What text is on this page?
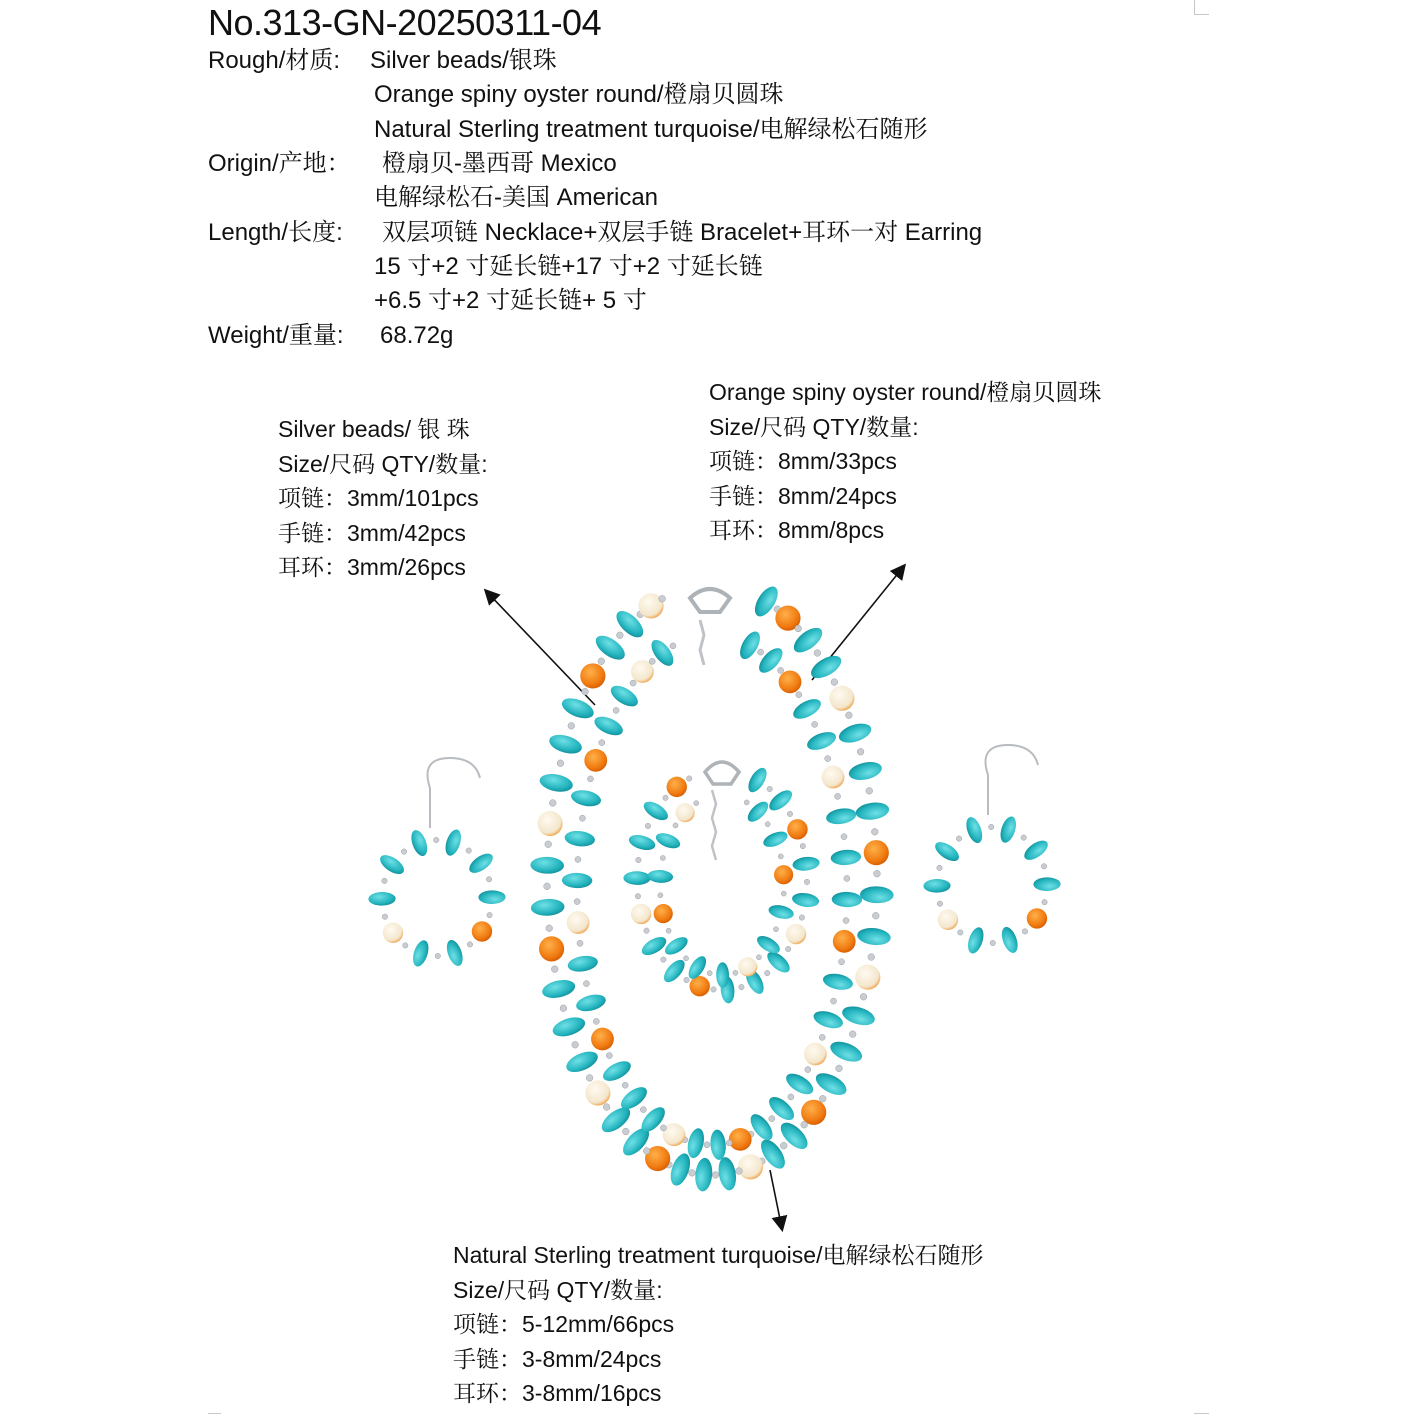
No.313-GN-20250311-04
Rough/材质: Silver beads/银珠
Orange spiny oyster round/橙扇贝圆珠
Natural Sterling treatment turquoise/电解绿松石随形
Origin/产地： 橙扇贝-墨西哥 Mexico
电解绿松石-美国 American
Length/长度: 双层项链 Necklace+双层手链 Bracelet+耳环一对 Earring
15 寸+2 寸延长链+17 寸+2 寸延长链
+6.5 寸+2 寸延长链+ 5 寸
Weight/重量: 68.72g
Silver beads/ 银 珠
Size/尺码 QTY/数量:
项链：3mm/101pcs
手链：3mm/42pcs
耳环：3mm/26pcs
Orange spiny oyster round/橙扇贝圆珠
Size/尺码 QTY/数量:
项链：8mm/33pcs
手链：8mm/24pcs
耳环：8mm/8pcs
Natural Sterling treatment turquoise/电解绿松石随形
Size/尺码 QTY/数量:
项链：5-12mm/66pcs
手链：3-8mm/24pcs
耳环：3-8mm/16pcs
